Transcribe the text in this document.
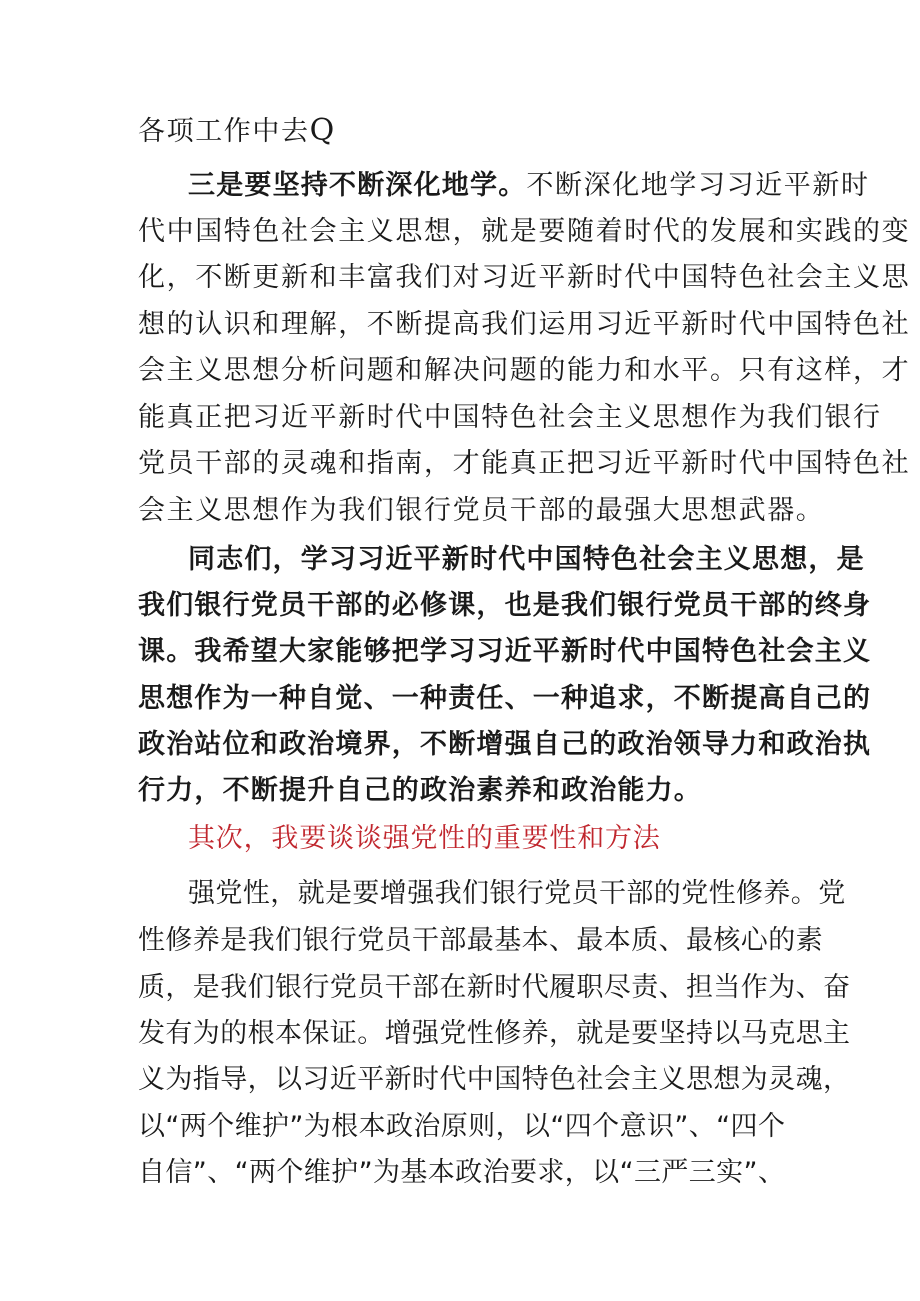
各项工作中去Q
三是要坚持不断深化地学。不断深化地学习习近平新时
代中国特色社会主义思想，就是要随着时代的发展和实践的变
化，不断更新和丰富我们对习近平新时代中国特色社会主义思
想的认识和理解，不断提高我们运用习近平新时代中国特色社
会主义思想分析问题和解决问题的能力和水平。只有这样，才
能真正把习近平新时代中国特色社会主义思想作为我们银行
党员干部的灵魂和指南，才能真正把习近平新时代中国特色社
会主义思想作为我们银行党员干部的最强大思想武器。
同志们，学习习近平新时代中国特色社会主义思想，是
我们银行党员干部的必修课，也是我们银行党员干部的终身
课。我希望大家能够把学习习近平新时代中国特色社会主义
思想作为一种自觉、一种责任、一种追求，不断提高自己的
政治站位和政治境界，不断增强自己的政治领导力和政治执
行力，不断提升自己的政治素养和政治能力。
其次，我要谈谈强党性的重要性和方法
强党性，就是要增强我们银行党员干部的党性修养。党
性修养是我们银行党员干部最基本、最本质、最核心的素
质，是我们银行党员干部在新时代履职尽责、担当作为、奋
发有为的根本保证。增强党性修养，就是要坚持以马克思主
义为指导，以习近平新时代中国特色社会主义思想为灵魂，
以“两个维护”为根本政治原则，以“四个意识”、“四个
自信”、“两个维护”为基本政治要求，以“三严三实”、
